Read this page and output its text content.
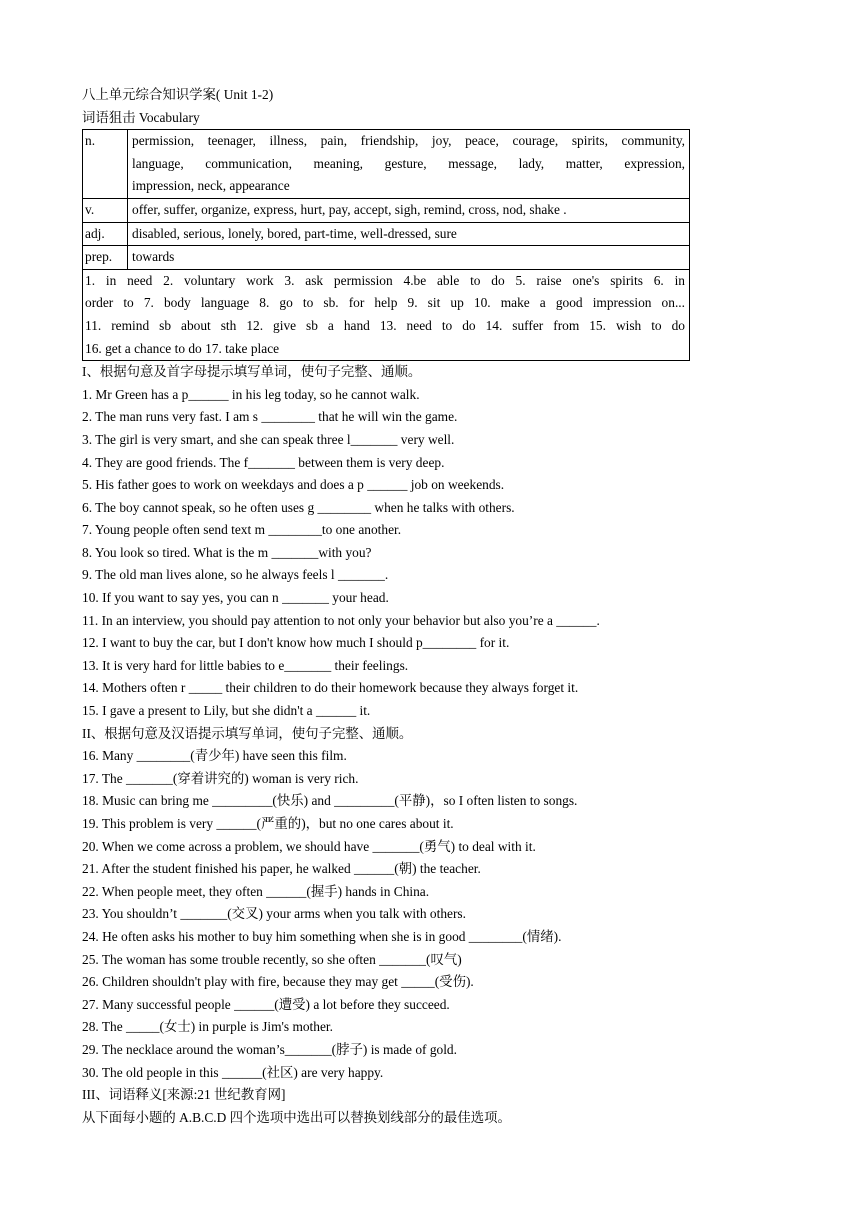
八上单元综合知识学案( Unit 1-2)
词语狙击 Vocabulary
n.	permission, teenager, illness, pain, friendship, joy, peace, courage, spirits, community,
language, communication, meaning, gesture, message, lady, matter, expression,
impression, neck, appearance

v.	offer, suffer, organize, express, hurt, pay, accept, sigh, remind, cross, nod, shake .
adj.	disabled, serious, lonely, bored, part-time, well-dressed, sure
prep.	towards

1. in need 2. voluntary work 3. ask permission 4.be able to do 5. raise one's spirits 6. in
order to 7. body language 8. go to sb. for help 9. sit up 10. make a good impression on...
11. remind sb about sth 12. give sb a hand 13. need to do 14. suffer from 15. wish to do
16. get a chance to do 17. take place	
I、根据句意及首字母提示填写单词，使句子完整、通顺。
1. Mr Green has a p______ in his leg today, so he cannot walk.
2. The man runs very fast. I am s ________ that he will win the game.
3. The girl is very smart, and she can speak three l_______ very well.
4. They are good friends. The f_______ between them is very deep.
5. His father goes to work on weekdays and does a p ______ job on weekends.
6. The boy cannot speak, so he often uses g ________ when he talks with others.
7. Young people often send text m ________to one another.
8. You look so tired. What is the m _______with you?
9. The old man lives alone, so he always feels l _______.
10. If you want to say yes, you can n _______ your head.
11. In an interview, you should pay attention to not only your behavior but also you’re a ______.
12. I want to buy the car, but I don't know how much I should p________ for it.
13. It is very hard for little babies to e_______ their feelings.
14. Mothers often r _____ their children to do their homework because they always forget it.
15. I gave a present to Lily, but she didn't a ______ it.
II、根据句意及汉语提示填写单词，使句子完整、通顺。
16. Many ________(青少年) have seen this film.
17. The _______(穿着讲究的) woman is very rich.
18. Music can bring me _________(快乐) and _________(平静)，so I often listen to songs.
19. This problem is very ______(严重的)，but no one cares about it.
20. When we come across a problem, we should have _______(勇气) to deal with it.
21. After the student finished his paper, he walked ______(朝) the teacher.
22. When people meet, they often ______(握手) hands in China.
23. You shouldn’t _______(交叉) your arms when you talk with others.
24. He often asks his mother to buy him something when she is in good ________(情绪).
25. The woman has some trouble recently, so she often _______(叹气)
26. Children shouldn't play with fire, because they may get _____(受伤).
27. Many successful people ______(遭受) a lot before they succeed.
28. The _____(女士) in purple is Jim's mother.
29. The necklace around the woman’s_______(脖子) is made of gold.
30. The old people in this ______(社区) are very happy.
III、词语释义[来源:21 世纪教育网]
从下面每小题的 A.B.C.D 四个选项中选出可以替换划线部分的最佳选项。
